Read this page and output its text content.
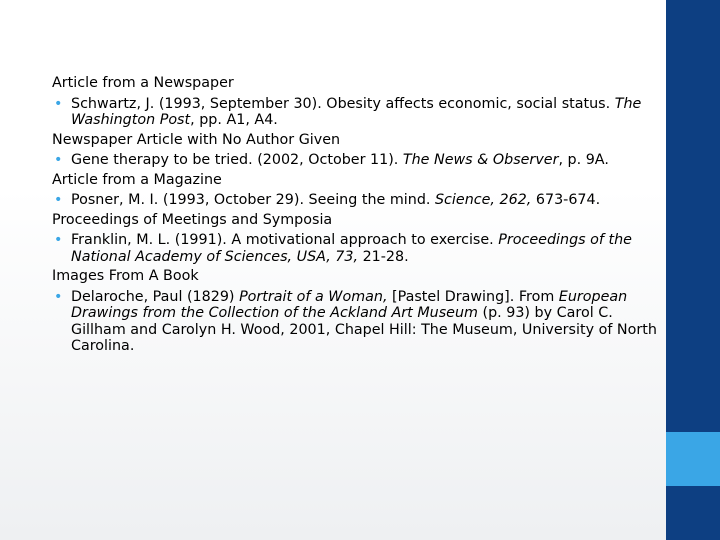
Article from a Newspaper

• Schwartz, J. (1993, September 30). Obesity affects economic, social status. The Washington Post, pp. A1, A4.

Newspaper Article with No Author Given

• Gene therapy to be tried. (2002, October 11). The News & Observer, p. 9A.

Article from a Magazine

• Posner, M. I. (1993, October 29). Seeing the mind. Science, 262, 673-674.

Proceedings of Meetings and Symposia

• Franklin, M. L. (1991). A motivational approach to exercise. Proceedings of the National Academy of Sciences, USA, 73, 21-28.

Images From A Book

• Delaroche, Paul (1829) Portrait of a Woman, [Pastel Drawing]. From European Drawings from the Collection of the Ackland Art Museum (p. 93) by Carol C. Gillham and Carolyn H. Wood, 2001, Chapel Hill: The Museum, University of North Carolina.
